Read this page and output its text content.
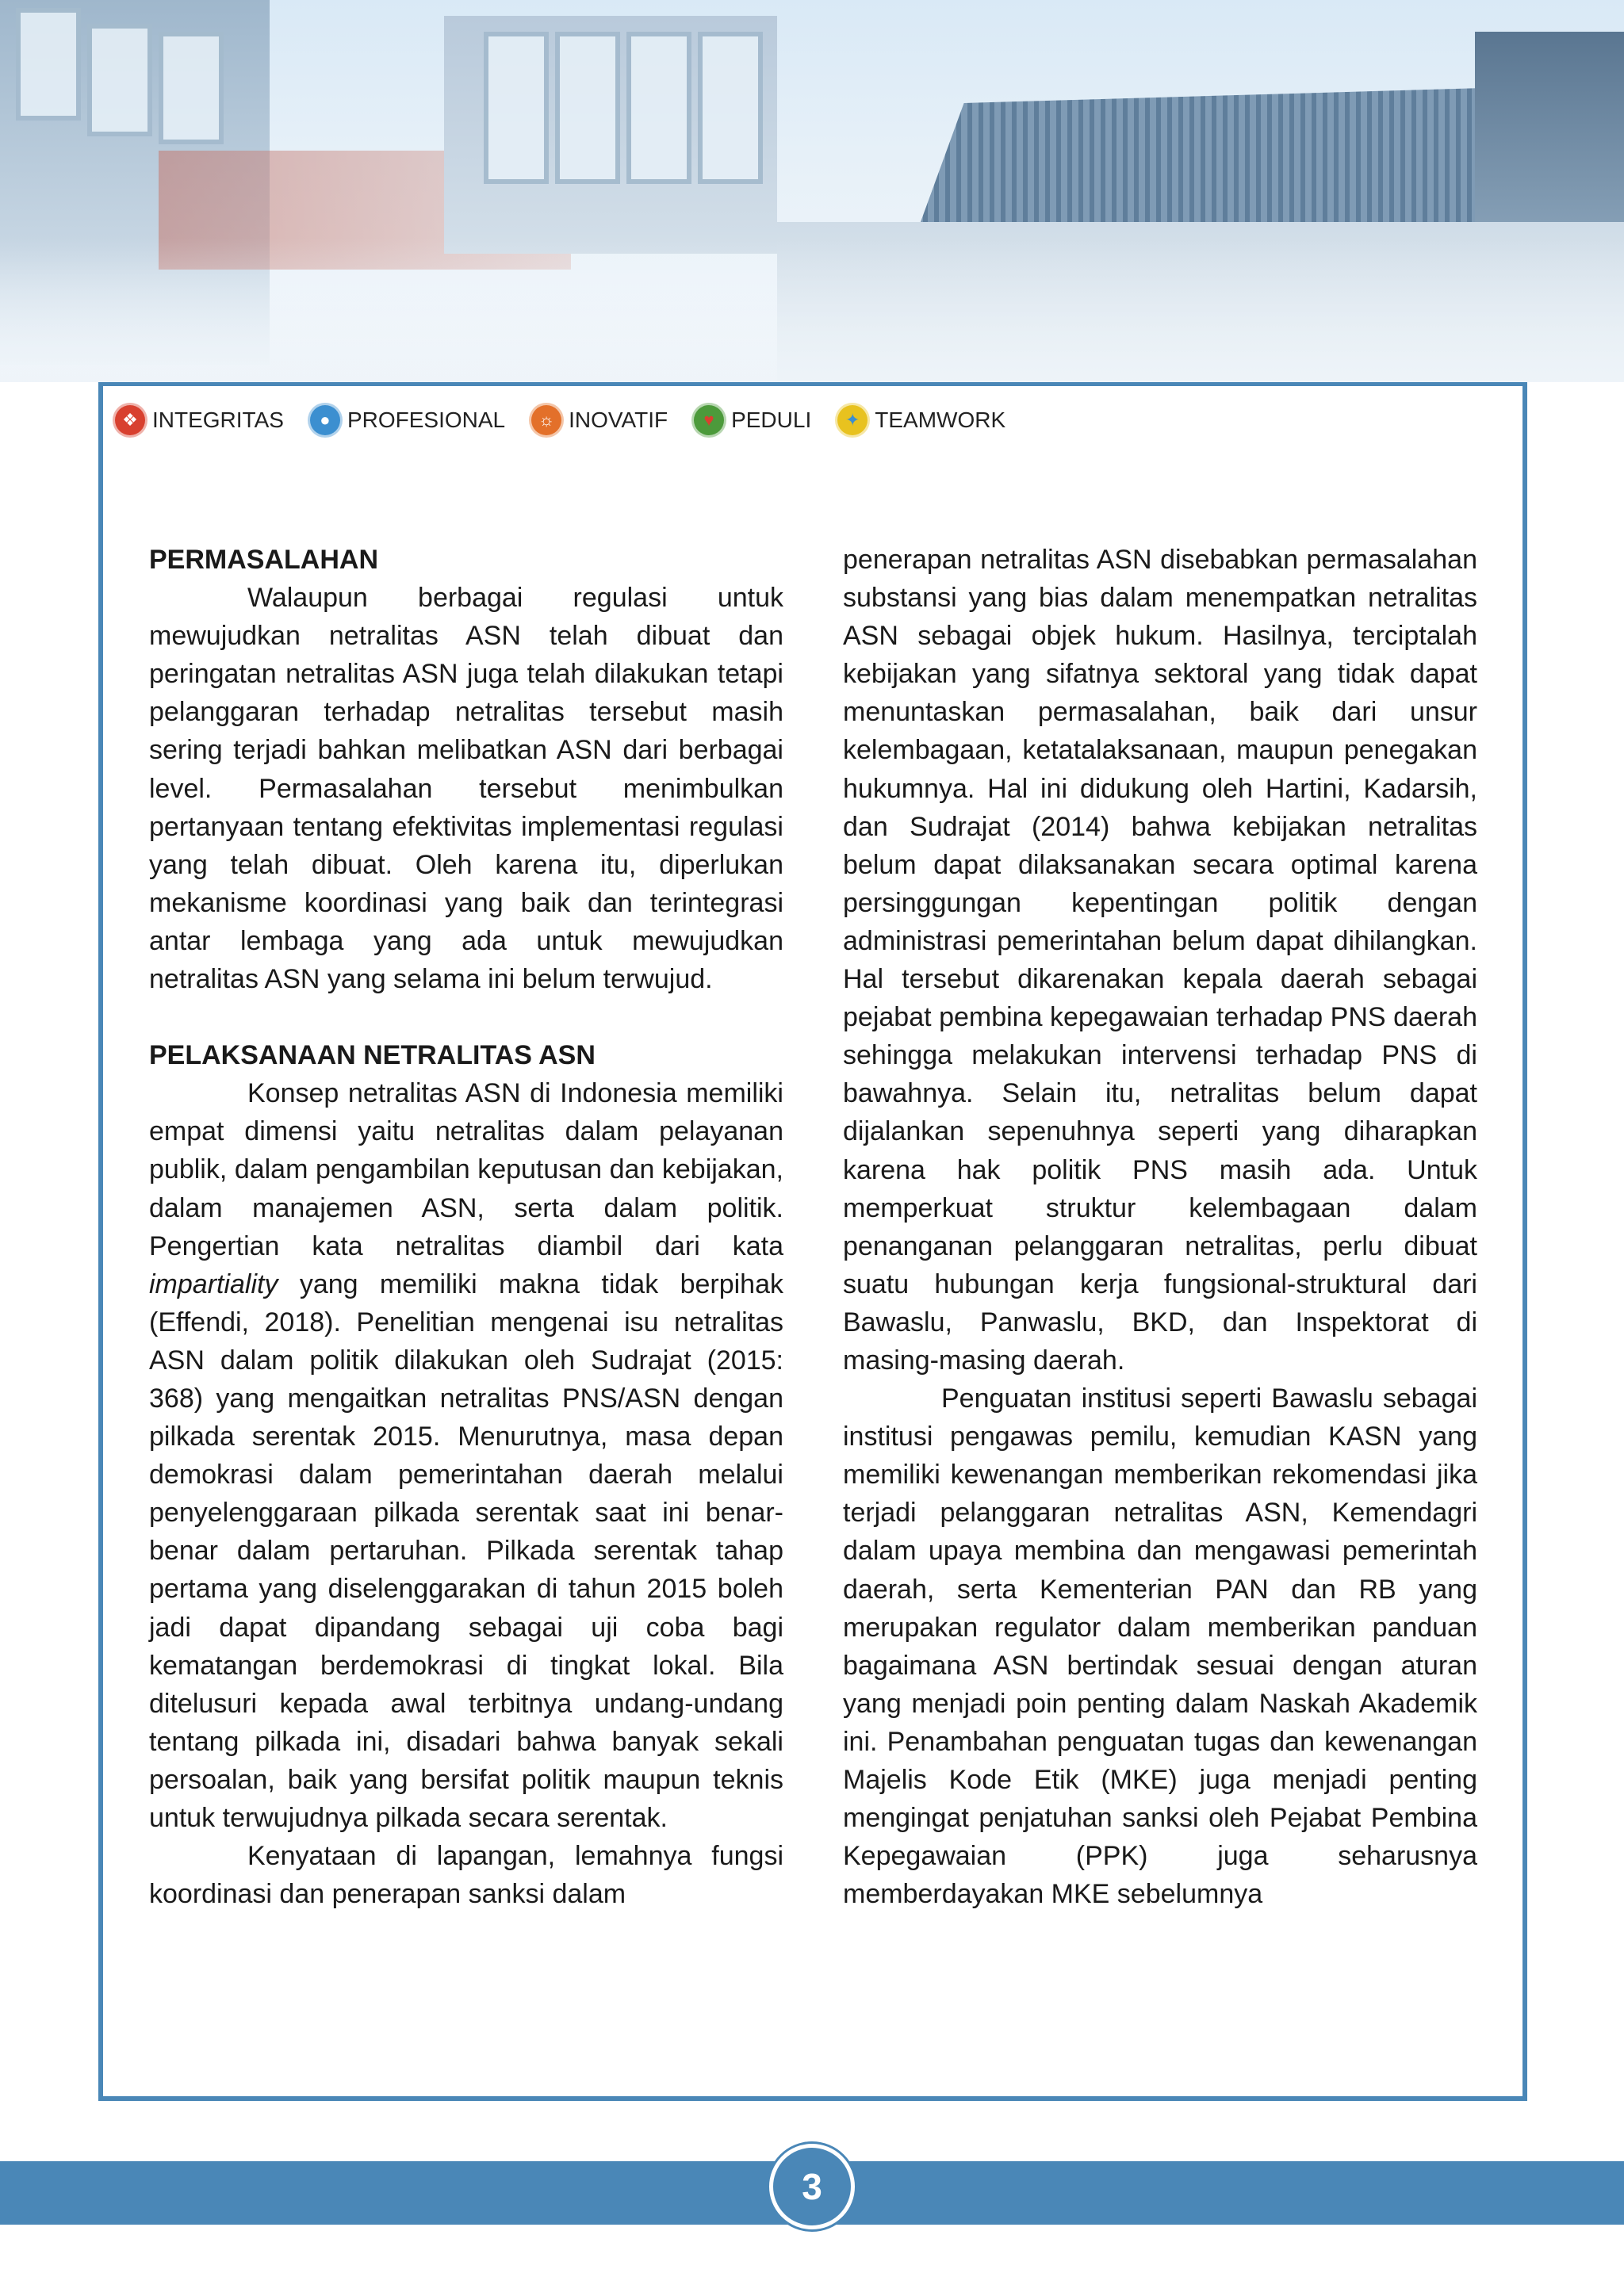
❖ INTEGRITAS	● PROFESIONAL	☼ INOVATIF ♥ PEDULI ✦ TEAMWORK

PERMASALAHAN

Walaupun berbagai regulasi untuk mewujudkan netralitas ASN telah dibuat dan peringatan netralitas ASN juga telah dilakukan tetapi pelanggaran terhadap netralitas tersebut masih sering terjadi bahkan melibatkan ASN dari berbagai level. Permasalahan tersebut menimbulkan pertanyaan tentang efektivitas implementasi regulasi yang telah dibuat. Oleh karena itu, diperlukan mekanisme koordinasi yang baik dan terintegrasi antar lembaga yang ada untuk mewujudkan netralitas ASN yang selama ini belum terwujud.

PELAKSANAAN NETRALITAS ASN

Konsep netralitas ASN di Indonesia memiliki empat dimensi yaitu netralitas dalam pelayanan publik, dalam pengambilan keputusan dan kebijakan, dalam manajemen ASN, serta dalam politik. Pengertian kata netralitas diambil dari kata impartiality yang memiliki makna tidak berpihak (Effendi, 2018). Penelitian mengenai isu netralitas ASN dalam politik dilakukan oleh Sudrajat (2015: 368) yang mengaitkan netralitas PNS/ASN dengan pilkada serentak 2015. Menurutnya, masa depan demokrasi dalam pemerintahan daerah melalui penyelenggaraan pilkada serentak saat ini benar-benar dalam pertaruhan. Pilkada serentak tahap pertama yang diselenggarakan di tahun 2015 boleh jadi dapat dipandang sebagai uji coba bagi kematangan berdemokrasi di tingkat lokal. Bila ditelusuri kepada awal terbitnya undang-undang tentang pilkada ini, disadari bahwa banyak sekali persoalan, baik yang bersifat politik maupun teknis untuk terwujudnya pilkada secara serentak.

Kenyataan di lapangan, lemahnya fungsi koordinasi dan penerapan sanksi dalam

penerapan netralitas ASN disebabkan permasalahan substansi yang bias dalam menempatkan netralitas ASN sebagai objek hukum. Hasilnya, terciptalah kebijakan yang sifatnya sektoral yang tidak dapat menuntaskan permasalahan, baik dari unsur kelembagaan, ketatalaksanaan, maupun penegakan hukumnya. Hal ini didukung oleh Hartini, Kadarsih, dan Sudrajat (2014) bahwa kebijakan netralitas belum dapat dilaksanakan secara optimal karena persinggungan kepentingan politik dengan administrasi pemerintahan belum dapat dihilangkan. Hal tersebut dikarenakan kepala daerah sebagai pejabat pembina kepegawaian terhadap PNS daerah sehingga melakukan intervensi terhadap PNS di bawahnya. Selain itu, netralitas belum dapat dijalankan sepenuhnya seperti yang diharapkan karena hak politik PNS masih ada. Untuk memperkuat struktur kelembagaan dalam penanganan pelanggaran netralitas, perlu dibuat suatu hubungan kerja fungsional-struktural dari Bawaslu, Panwaslu, BKD, dan Inspektorat di masing-masing daerah.

Penguatan institusi seperti Bawaslu sebagai institusi pengawas pemilu, kemudian KASN yang memiliki kewenangan memberikan rekomendasi jika terjadi pelanggaran netralitas ASN, Kemendagri dalam upaya membina dan mengawasi pemerintah daerah, serta Kementerian PAN dan RB yang merupakan regulator dalam memberikan panduan bagaimana ASN bertindak sesuai dengan aturan yang menjadi poin penting dalam Naskah Akademik ini. Penambahan penguatan tugas dan kewenangan Majelis Kode Etik (MKE) juga menjadi penting mengingat penjatuhan sanksi oleh Pejabat Pembina Kepegawaian (PPK) juga seharusnya memberdayakan MKE sebelumnya

3
